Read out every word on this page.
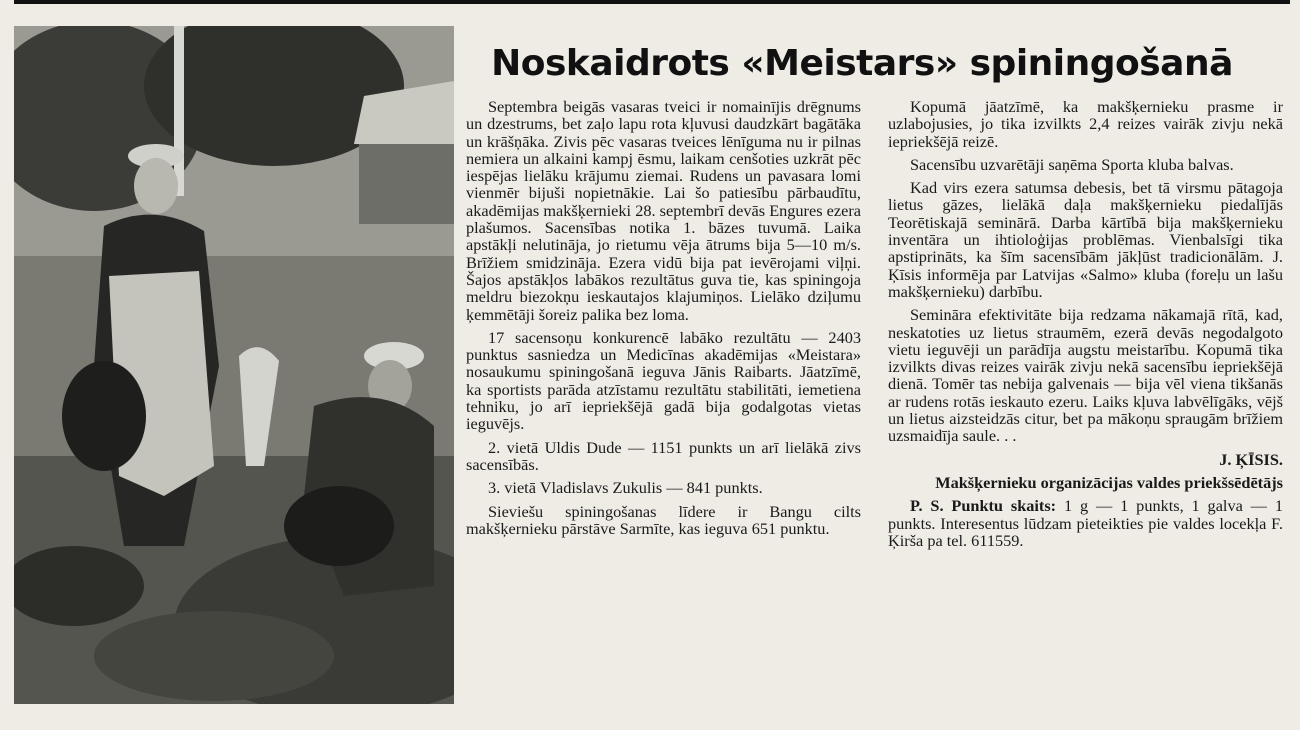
Noskaidrots «Meistars» spiningošanā

Septembra beigās vasaras tveici ir nomainījis drēgnums un dzestrums, bet zaļo lapu rota kļuvusi daudzkārt bagātāka un krāšņāka. Zivis pēc vasaras tveices lēnīguma nu ir pilnas nemiera un alkaini kampj ēsmu, laikam cenšoties uzkrāt pēc iespējas lielāku krājumu ziemai. Rudens un pavasara lomi vienmēr bijuši nopietnākie. Lai šo patiesību pārbaudītu, akadēmijas makšķernieki 28. septembrī devās Engures ezera plašumos. Sacensības notika 1. bāzes tuvumā. Laika apstākļi nelutināja, jo rietumu vēja ātrums bija 5—10 m/s. Brīžiem smidzināja. Ezera vidū bija pat ievērojami viļņi. Šajos apstākļos labākos rezultātus guva tie, kas spiningoja meldru biezokņu ieskautajos klajumiņos. Lielāko dziļumu ķemmētāji šoreiz palika bez loma.

17 sacensoņu konkurencē labāko rezultātu — 2403 punktus sasniedza un Medicīnas akadēmijas «Meistara» nosaukumu spiningošanā ieguva Jānis Raibarts. Jāatzīmē, ka sportists parāda atzīstamu rezultātu stabilitāti, iemetiena tehniku, jo arī iepriekšējā gadā bija godalgotas vietas ieguvējs.

2. vietā Uldis Dude — 1151 punkts un arī lielākā zivs sacensībās.

3. vietā Vladislavs Zukulis — 841 punkts.

Sieviešu spiningošanas līdere ir Bangu cilts makšķernieku pārstāve Sarmīte, kas ieguva 651 punktu.

Kopumā jāatzīmē, ka makšķernieku prasme ir uzlabojusies, jo tika izvilkts 2,4 reizes vairāk zivju nekā iepriekšējā reizē.

Sacensību uzvarētāji saņēma Sporta kluba balvas.

Kad virs ezera satumsa debesis, bet tā virsmu pātagoja lietus gāzes, lielākā daļa makšķernieku piedalījās Teorētiskajā seminārā. Darba kārtībā bija makšķernieku inventāra un ihtioloģijas problēmas. Vienbalsīgi tika apstiprināts, ka šīm sacensībām jākļūst tradicionālām. J. Ķīsis informēja par Latvijas «Salmo» kluba (foreļu un lašu makšķernieku) darbību.

Semināra efektivitāte bija redzama nākamajā rītā, kad, neskatoties uz lietus straumēm, ezerā devās negodalgoto vietu ieguvēji un parādīja augstu meistarību. Kopumā tika izvilkts divas reizes vairāk zivju nekā sacensību iepriekšējā dienā. Tomēr tas nebija galvenais — bija vēl viena tikšanās ar rudens rotās ieskauto ezeru. Laiks kļuva labvēlīgāks, vējš un lietus aizsteidzās citur, bet pa mākoņu spraugām brīžiem uzsmaidīja saule. . .

J. ĶĪSIS.

Makšķernieku organizācijas valdes priekšsēdētājs

P. S. Punktu skaits: 1 g — 1 punkts, 1 galva — 1 punkts. Interesentus lūdzam pieteikties pie valdes locekļa F. Ķirša pa tel. 611559.
